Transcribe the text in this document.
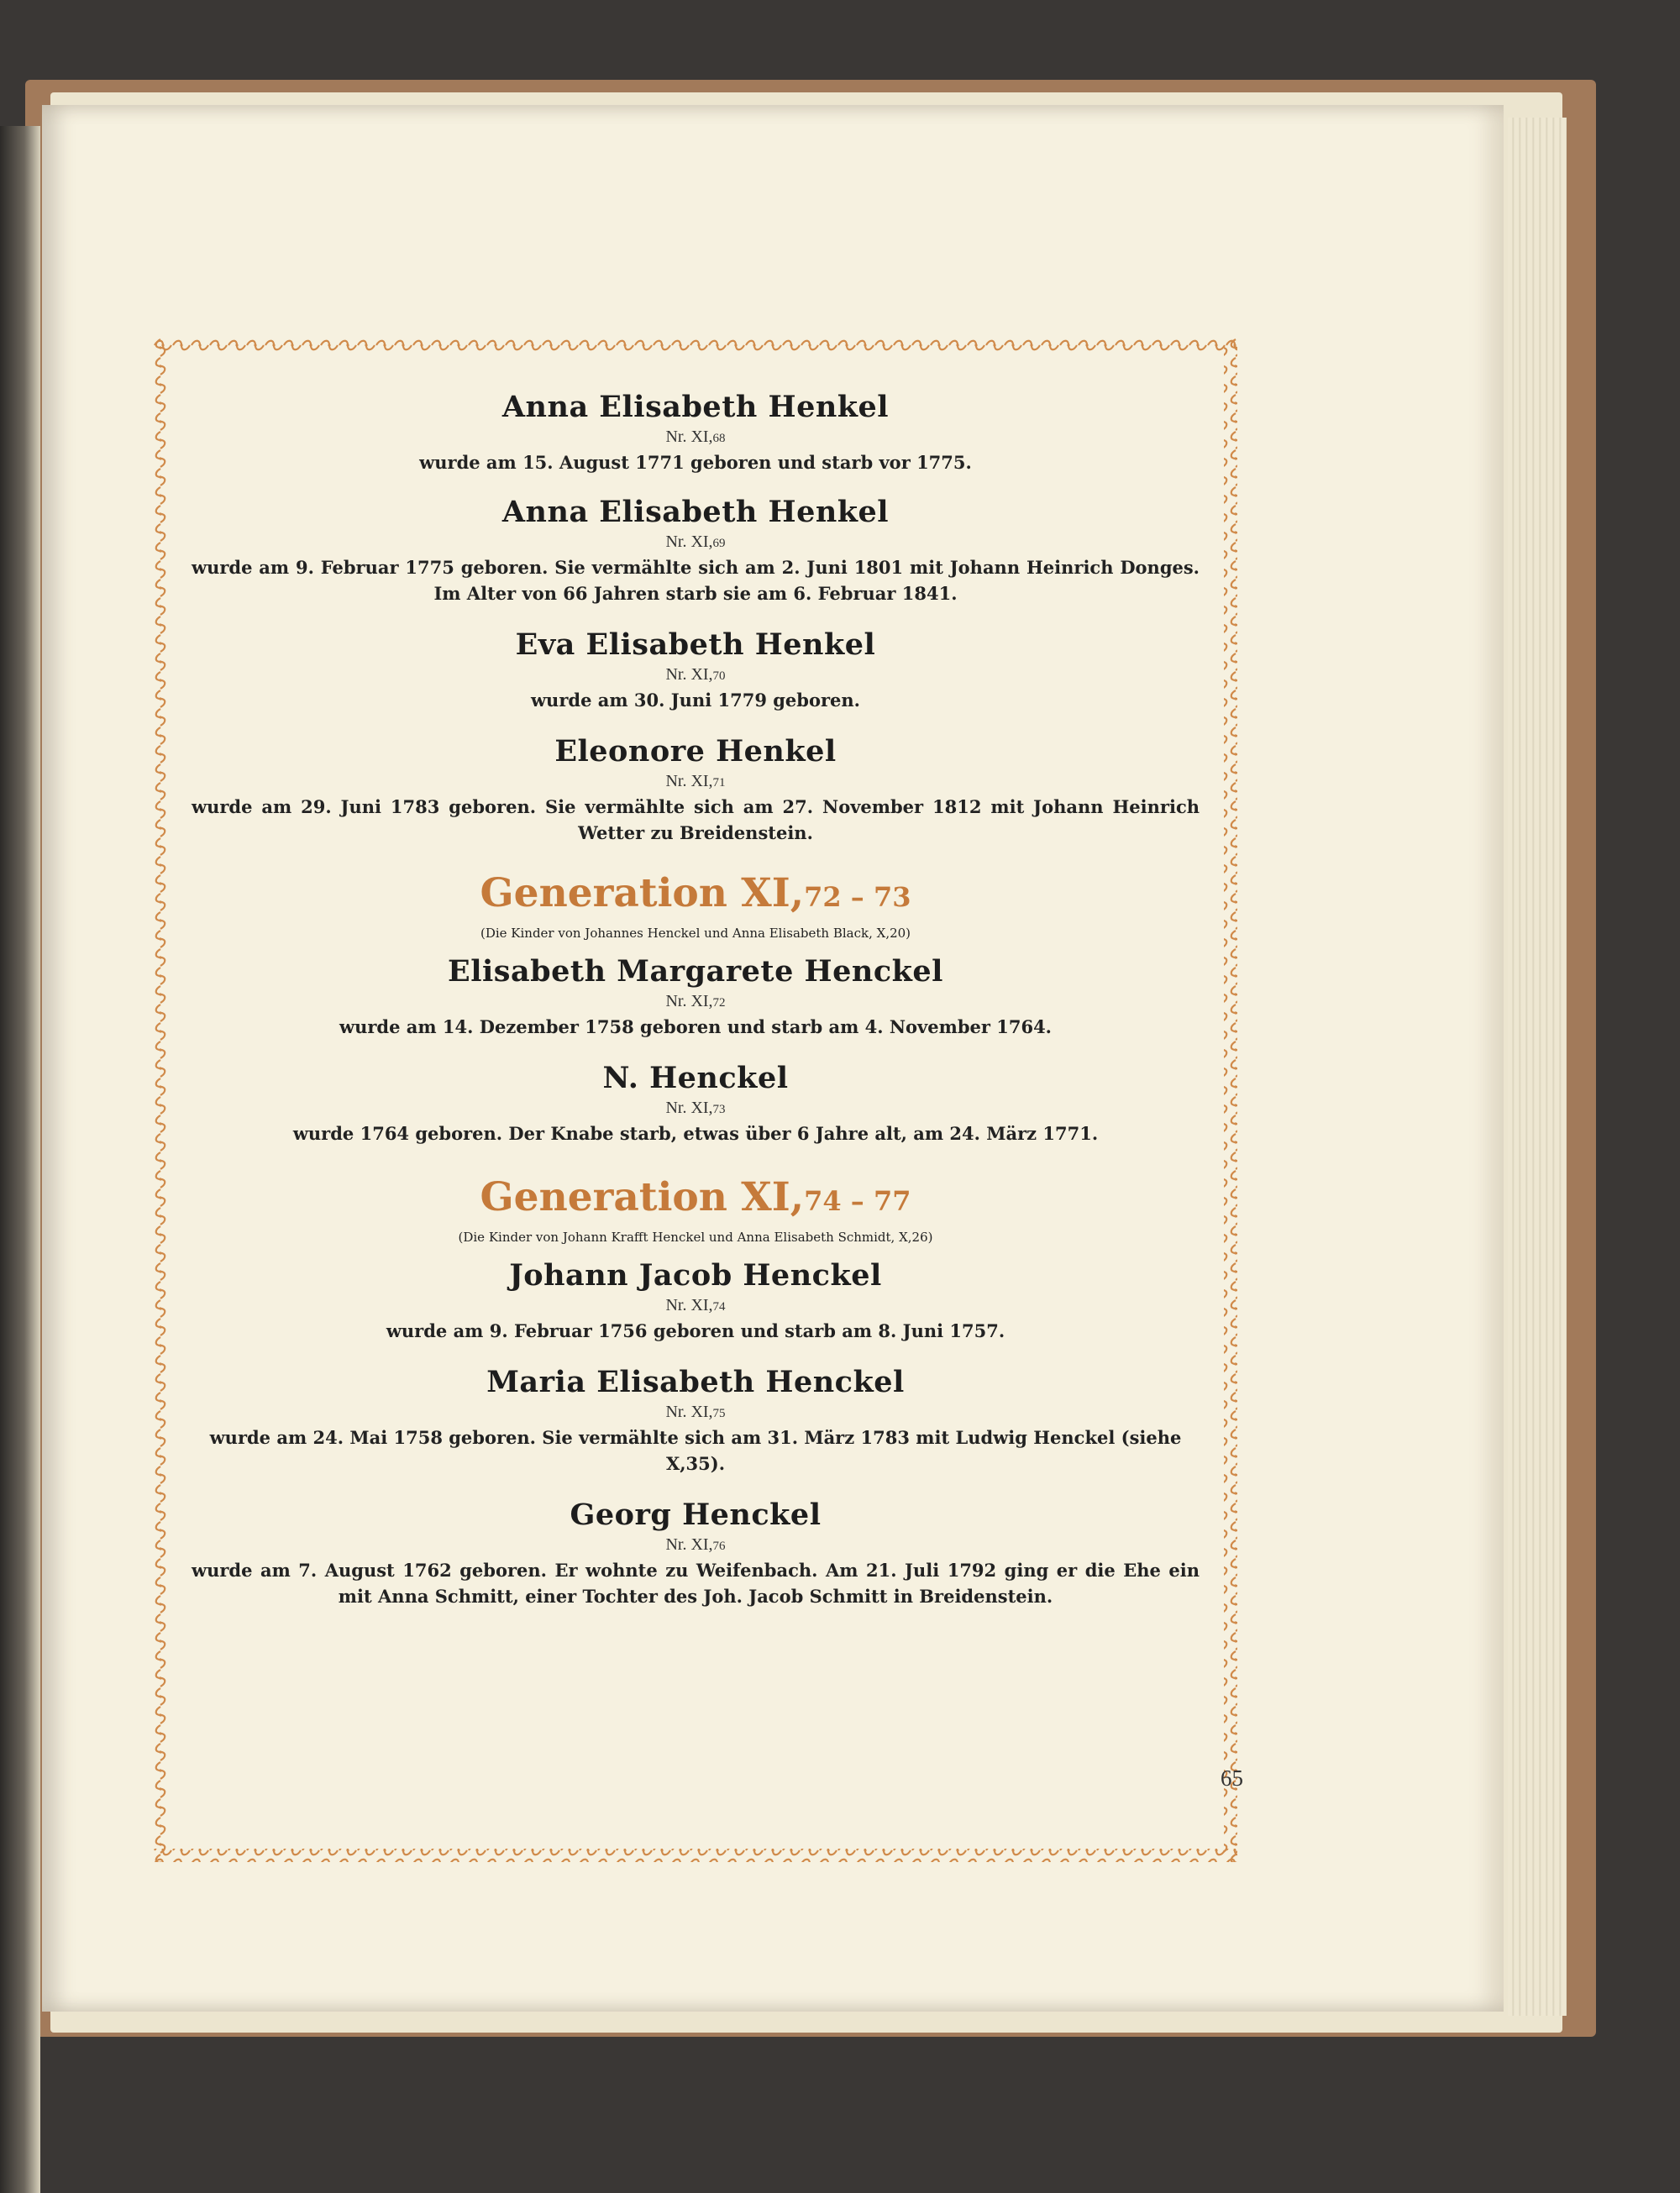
Anna Elisabeth Henkel
Nr. XI,68
wurde am 15. August 1771 geboren und starb vor 1775.
Anna Elisabeth Henkel
Nr. XI,69
wurde am 9. Februar 1775 geboren. Sie vermählte sich am 2. Juni 1801 mit Johann Heinrich Donges. Im Alter von 66 Jahren starb sie am 6. Februar 1841.
Eva Elisabeth Henkel
Nr. XI,70
wurde am 30. Juni 1779 geboren.
Eleonore Henkel
Nr. XI,71
wurde am 29. Juni 1783 geboren. Sie vermählte sich am 27. November 1812 mit Johann Heinrich Wetter zu Breidenstein.
Generation XI,72 – 73
(Die Kinder von Johannes Henckel und Anna Elisabeth Black, X,20)
Elisabeth Margarete Henckel
Nr. XI,72
wurde am 14. Dezember 1758 geboren und starb am 4. November 1764.
N. Henckel
Nr. XI,73
wurde 1764 geboren. Der Knabe starb, etwas über 6 Jahre alt, am 24. März 1771.
Generation XI,74 – 77
(Die Kinder von Johann Krafft Henckel und Anna Elisabeth Schmidt, X,26)
Johann Jacob Henckel
Nr. XI,74
wurde am 9. Februar 1756 geboren und starb am 8. Juni 1757.
Maria Elisabeth Henckel
Nr. XI,75
wurde am 24. Mai 1758 geboren. Sie vermählte sich am 31. März 1783 mit Ludwig Henckel (siehe X,35).
Georg Henckel
Nr. XI,76
wurde am 7. August 1762 geboren. Er wohnte zu Weifenbach. Am 21. Juli 1792 ging er die Ehe ein mit Anna Schmitt, einer Tochter des Joh. Jacob Schmitt in Breidenstein.
65
